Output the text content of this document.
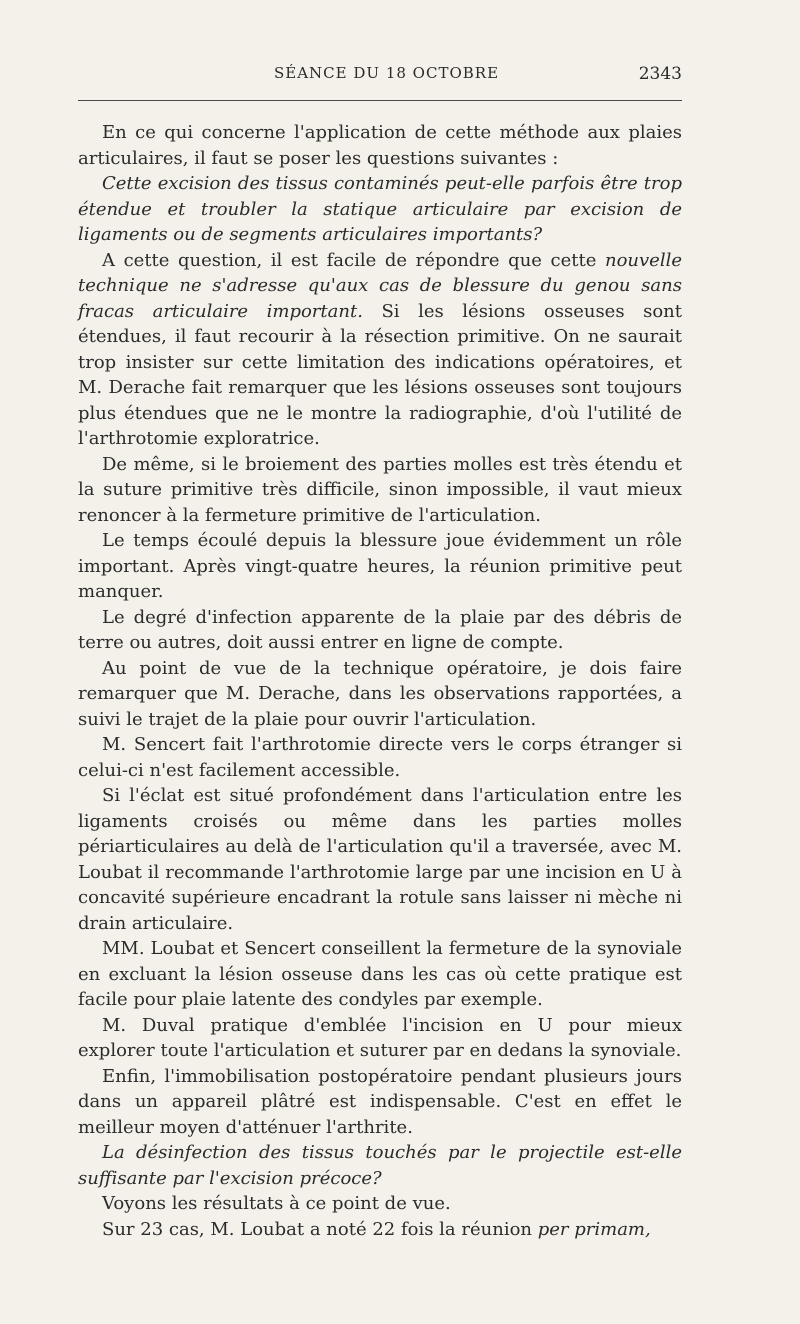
SÉANCE DU 18 OCTOBRE	2343

En ce qui concerne l'application de cette méthode aux plaies articulaires, il faut se poser les questions suivantes :

Cette excision des tissus contaminés peut-elle parfois être trop étendue et troubler la statique articulaire par excision de ligaments ou de segments articulaires importants?

A cette question, il est facile de répondre que cette nouvelle technique ne s'adresse qu'aux cas de blessure du genou sans fracas articulaire important. Si les lésions osseuses sont étendues, il faut recourir à la résection primitive. On ne saurait trop insister sur cette limitation des indications opératoires, et M. Derache fait remarquer que les lésions osseuses sont toujours plus étendues que ne le montre la radiographie, d'où l'utilité de l'arthrotomie exploratrice.

De même, si le broiement des parties molles est très étendu et la suture primitive très difficile, sinon impossible, il vaut mieux renoncer à la fermeture primitive de l'articulation.

Le temps écoulé depuis la blessure joue évidemment un rôle important. Après vingt-quatre heures, la réunion primitive peut manquer.

Le degré d'infection apparente de la plaie par des débris de terre ou autres, doit aussi entrer en ligne de compte.

Au point de vue de la technique opératoire, je dois faire remarquer que M. Derache, dans les observations rapportées, a suivi le trajet de la plaie pour ouvrir l'articulation.

M. Sencert fait l'arthrotomie directe vers le corps étranger si celui-ci n'est facilement accessible.

Si l'éclat est situé profondément dans l'articulation entre les ligaments croisés ou même dans les parties molles périarticulaires au delà de l'articulation qu'il a traversée, avec M. Loubat il recommande l'arthrotomie large par une incision en U à concavité supérieure encadrant la rotule sans laisser ni mèche ni drain articulaire.

MM. Loubat et Sencert conseillent la fermeture de la synoviale en excluant la lésion osseuse dans les cas où cette pratique est facile pour plaie latente des condyles par exemple.

M. Duval pratique d'emblée l'incision en U pour mieux explorer toute l'articulation et suturer par en dedans la synoviale.

Enfin, l'immobilisation postopératoire pendant plusieurs jours dans un appareil plâtré est indispensable. C'est en effet le meilleur moyen d'atténuer l'arthrite.

La désinfection des tissus touchés par le projectile est-elle suffisante par l'excision précoce?

Voyons les résultats à ce point de vue.

Sur 23 cas, M. Loubat a noté 22 fois la réunion per primam,
